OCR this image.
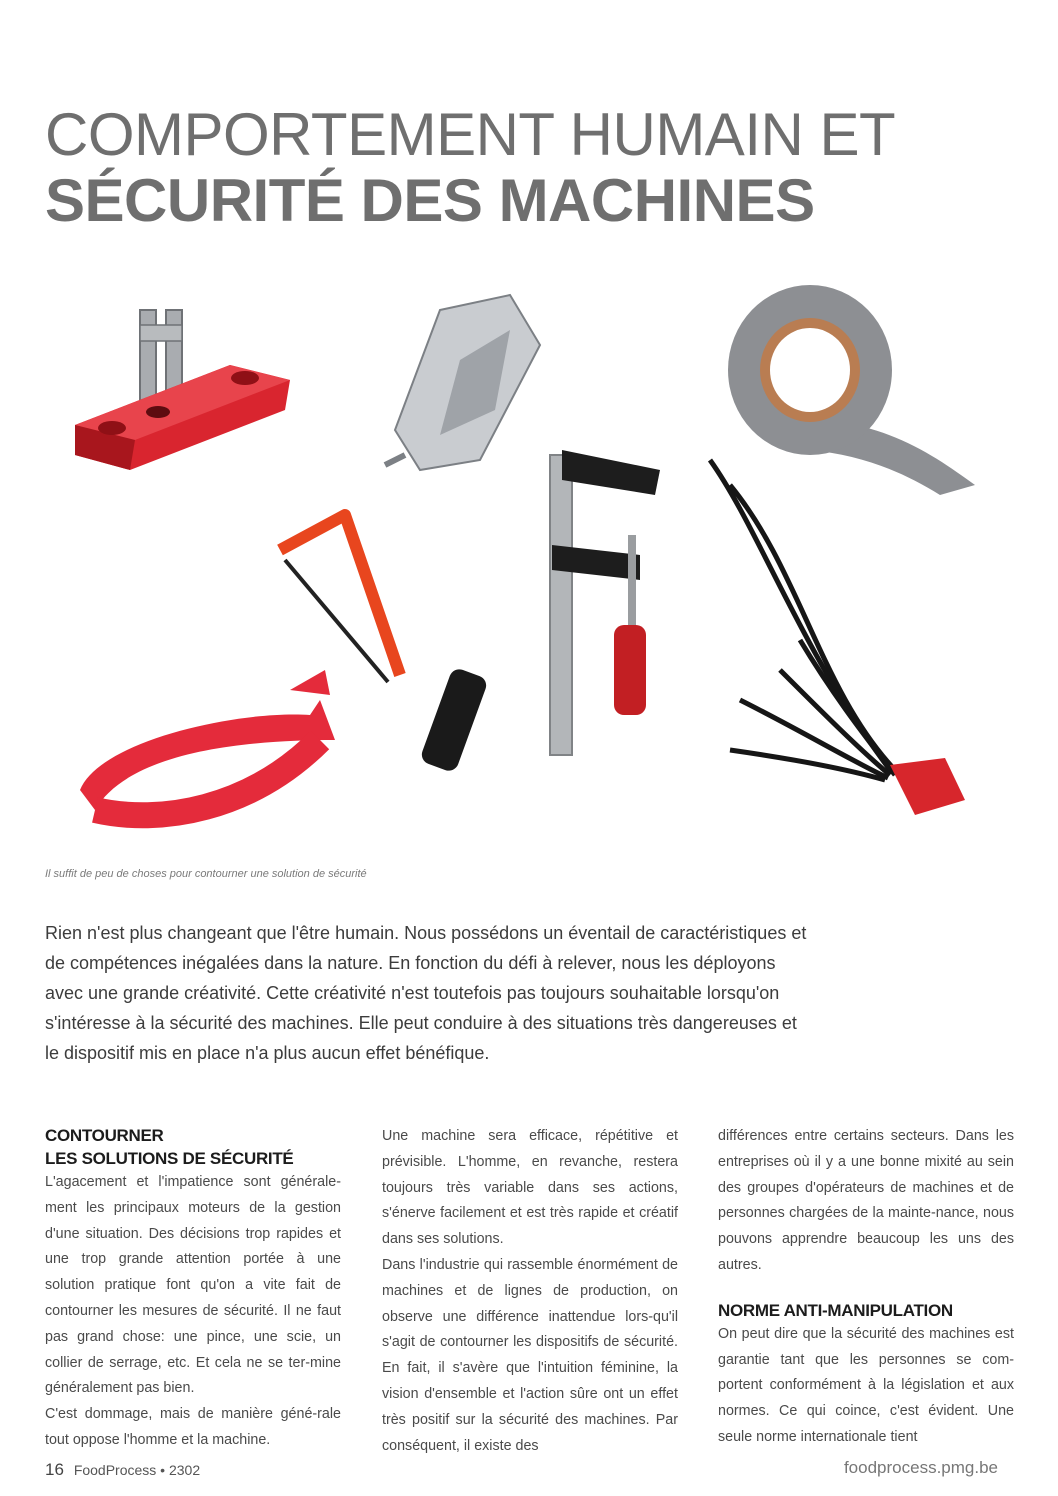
COMPORTEMENT HUMAIN ET
SÉCURITÉ DES MACHINES
Il suffit de peu de choses pour contourner une solution de sécurité
Rien n'est plus changeant que l'être humain. Nous possédons un éventail de caractéristiques et de compétences inégalées dans la nature. En fonction du défi à relever, nous les déployons avec une grande créativité. Cette créativité n'est toutefois pas toujours souhaitable lorsqu'on s'intéresse à la sécurité des machines. Elle peut conduire à des situations très dangereuses et le dispositif mis en place n'a plus aucun effet bénéfique.
CONTOURNER
LES SOLUTIONS DE SÉCURITÉ

L'agacement et l'impatience sont générale-ment les principaux moteurs de la gestion d'une situation. Des décisions trop rapides et une trop grande attention portée à une solution pratique font qu'on a vite fait de contourner les mesures de sécurité. Il ne faut pas grand chose: une pince, une scie, un collier de serrage, etc. Et cela ne se ter-mine généralement pas bien.

C'est dommage, mais de manière géné-rale tout oppose l'homme et la machine.

Une machine sera efficace, répétitive et prévisible. L'homme, en revanche, restera toujours très variable dans ses actions, s'énerve facilement et est très rapide et créatif dans ses solutions.

Dans l'industrie qui rassemble énormément de machines et de lignes de production, on observe une différence inattendue lors-qu'il s'agit de contourner les dispositifs de sécurité. En fait, il s'avère que l'intuition féminine, la vision d'ensemble et l'action sûre ont un effet très positif sur la sécurité des machines. Par conséquent, il existe des

différences entre certains secteurs. Dans les entreprises où il y a une bonne mixité au sein des groupes d'opérateurs de machines et de personnes chargées de la mainte-nance, nous pouvons apprendre beaucoup les uns des autres.

NORME ANTI-MANIPULATION

On peut dire que la sécurité des machines est garantie tant que les personnes se com-portent conformément à la législation et aux normes. Ce qui coince, c'est évident. Une seule norme internationale tient

16 FoodProcess • 2302	foodprocess.pmg.be
